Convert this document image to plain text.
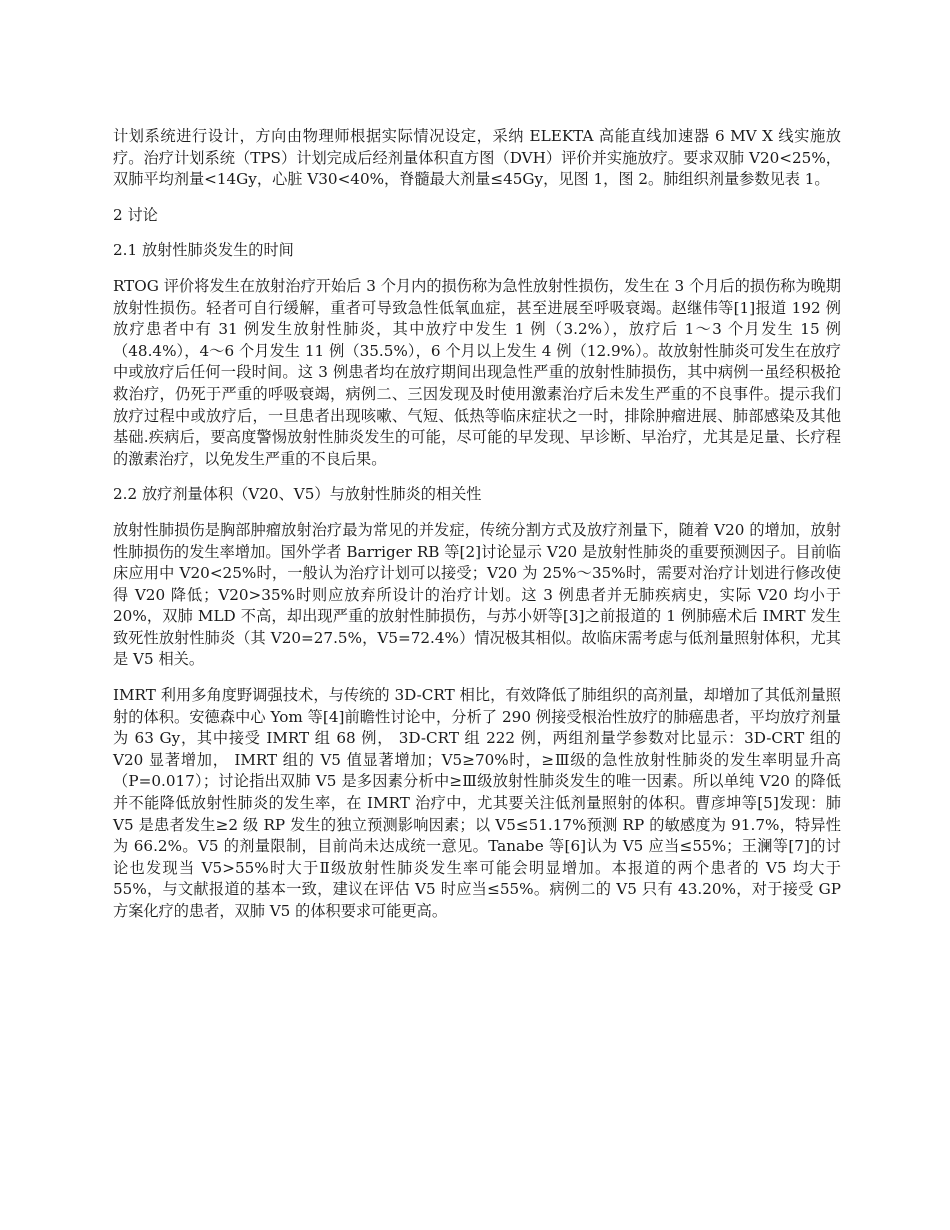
计划系统进行设计，方向由物理师根据实际情况设定，采纳 ELEKTA 高能直线加速器 6 MV X 线实施放疗。治疗计划系统（TPS）计划完成后经剂量体积直方图（DVH）评价并实施放疗。要求双肺 V20<25%，双肺平均剂量<14Gy，心脏 V30<40%，脊髓最大剂量≤45Gy，见图 1，图 2。肺组织剂量参数见表 1。

2 讨论

2.1 放射性肺炎发生的时间

RTOG 评价将发生在放射治疗开始后 3 个月内的损伤称为急性放射性损伤，发生在 3 个月后的损伤称为晚期放射性损伤。轻者可自行缓解，重者可导致急性低氧血症，甚至进展至呼吸衰竭。赵继伟等[1]报道 192 例放疗患者中有 31 例发生放射性肺炎，其中放疗中发生 1 例（3.2%），放疗后 1～3 个月发生 15 例（48.4%），4～6 个月发生 11 例（35.5%），6 个月以上发生 4 例（12.9%）。故放射性肺炎可发生在放疗中或放疗后任何一段时间。这 3 例患者均在放疗期间出现急性严重的放射性肺损伤，其中病例一虽经积极抢救治疗，仍死于严重的呼吸衰竭，病例二、三因发现及时使用激素治疗后未发生严重的不良事件。提示我们放疗过程中或放疗后，一旦患者出现咳嗽、气短、低热等临床症状之一时，排除肿瘤进展、肺部感染及其他基础.疾病后，要高度警惕放射性肺炎发生的可能，尽可能的早发现、早诊断、早治疗，尤其是足量、长疗程的激素治疗，以免发生严重的不良后果。

2.2 放疗剂量体积（V20、V5）与放射性肺炎的相关性

放射性肺损伤是胸部肿瘤放射治疗最为常见的并发症，传统分割方式及放疗剂量下，随着 V20 的增加，放射性肺损伤的发生率增加。国外学者 Barriger RB 等[2]讨论显示 V20 是放射性肺炎的重要预测因子。目前临床应用中 V20<25%时，一般认为治疗计划可以接受；V20 为 25%～35%时，需要对治疗计划进行修改使得 V20 降低；V20>35%时则应放弃所设计的治疗计划。这 3 例患者并无肺疾病史，实际 V20 均小于 20%，双肺 MLD 不高，却出现严重的放射性肺损伤，与苏小妍等[3]之前报道的 1 例肺癌术后 IMRT 发生致死性放射性肺炎（其 V20=27.5%，V5=72.4%）情况极其相似。故临床需考虑与低剂量照射体积，尤其是 V5 相关。

IMRT 利用多角度野调强技术，与传统的 3D-CRT 相比，有效降低了肺组织的高剂量，却增加了其低剂量照射的体积。安德森中心 Yom 等[4]前瞻性讨论中，分析了 290 例接受根治性放疗的肺癌患者，平均放疗剂量为 63 Gy，其中接受 IMRT 组 68 例， 3D-CRT 组 222 例，两组剂量学参数对比显示：3D-CRT 组的 V20 显著增加， IMRT 组的 V5 值显著增加；V5≥70%时，≥Ⅲ级的急性放射性肺炎的发生率明显升高（P=0.017）；讨论指出双肺 V5 是多因素分析中≥Ⅲ级放射性肺炎发生的唯一因素。所以单纯 V20 的降低并不能降低放射性肺炎的发生率，在 IMRT 治疗中，尤其要关注低剂量照射的体积。曹彦坤等[5]发现：肺 V5 是患者发生≥2 级 RP 发生的独立预测影响因素；以 V5≤51.17%预测 RP 的敏感度为 91.7%，特异性为 66.2%。V5 的剂量限制，目前尚未达成统一意见。Tanabe 等[6]认为 V5 应当≤55%；王澜等[7]的讨论也发现当 V5>55%时大于Ⅱ级放射性肺炎发生率可能会明显增加。本报道的两个患者的 V5 均大于 55%，与文献报道的基本一致，建议在评估 V5 时应当≤55%。病例二的 V5 只有 43.20%，对于接受 GP 方案化疗的患者，双肺 V5 的体积要求可能更高。
